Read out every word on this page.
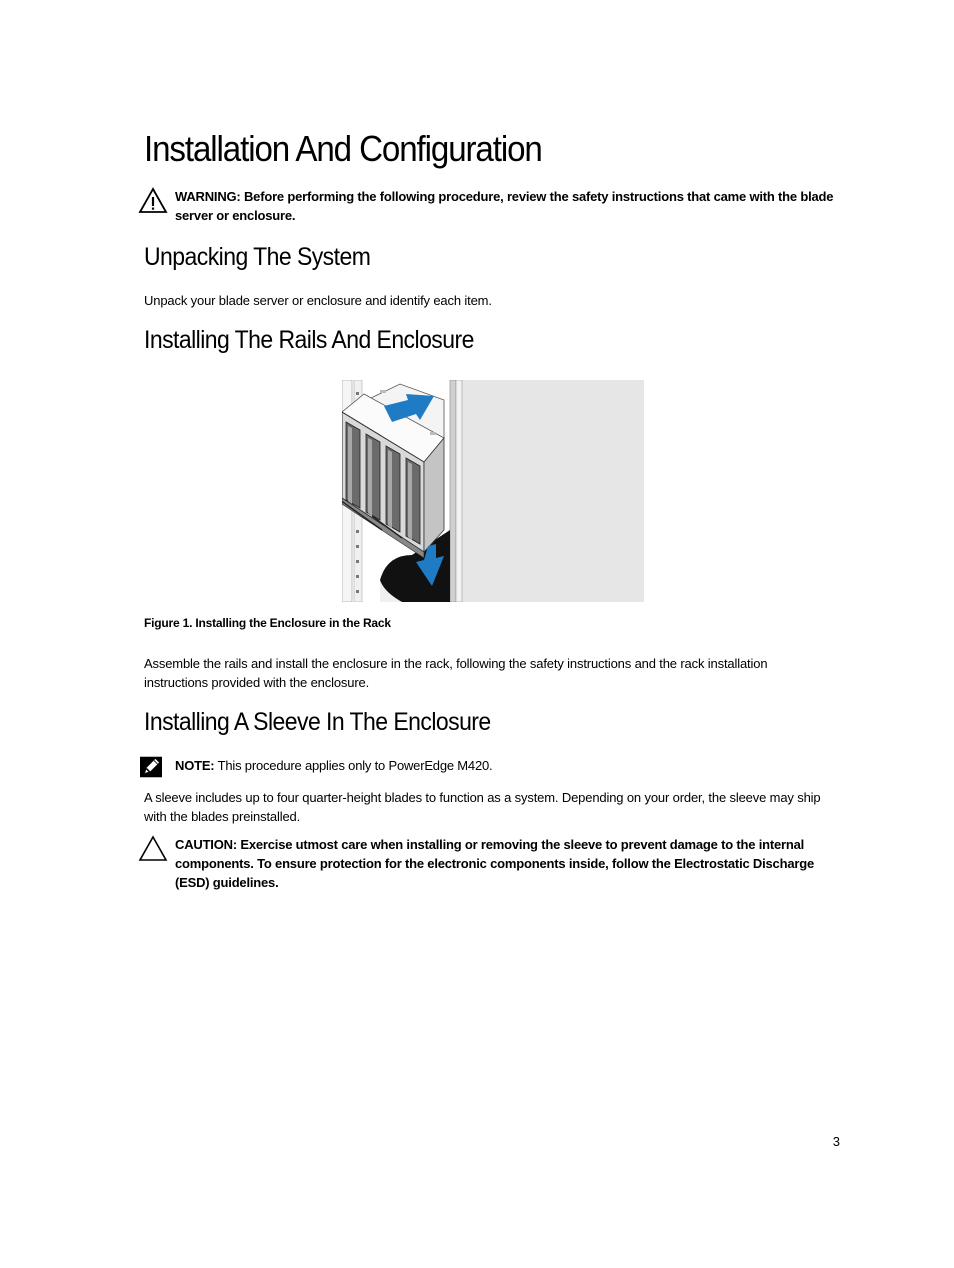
Installation And Configuration
WARNING: Before performing the following procedure, review the safety instructions that came with the blade server or enclosure.
Unpacking The System
Unpack your blade server or enclosure and identify each item.
Installing The Rails And Enclosure
Figure 1. Installing the Enclosure in the Rack
Assemble the rails and install the enclosure in the rack, following the safety instructions and the rack installation instructions provided with the enclosure.
Installing A Sleeve In The Enclosure
NOTE: This procedure applies only to PowerEdge M420.
A sleeve includes up to four quarter-height blades to function as a system. Depending on your order, the sleeve may ship with the blades preinstalled.
CAUTION: Exercise utmost care when installing or removing the sleeve to prevent damage to the internal components. To ensure protection for the electronic components inside, follow the Electrostatic Discharge (ESD) guidelines.
3
